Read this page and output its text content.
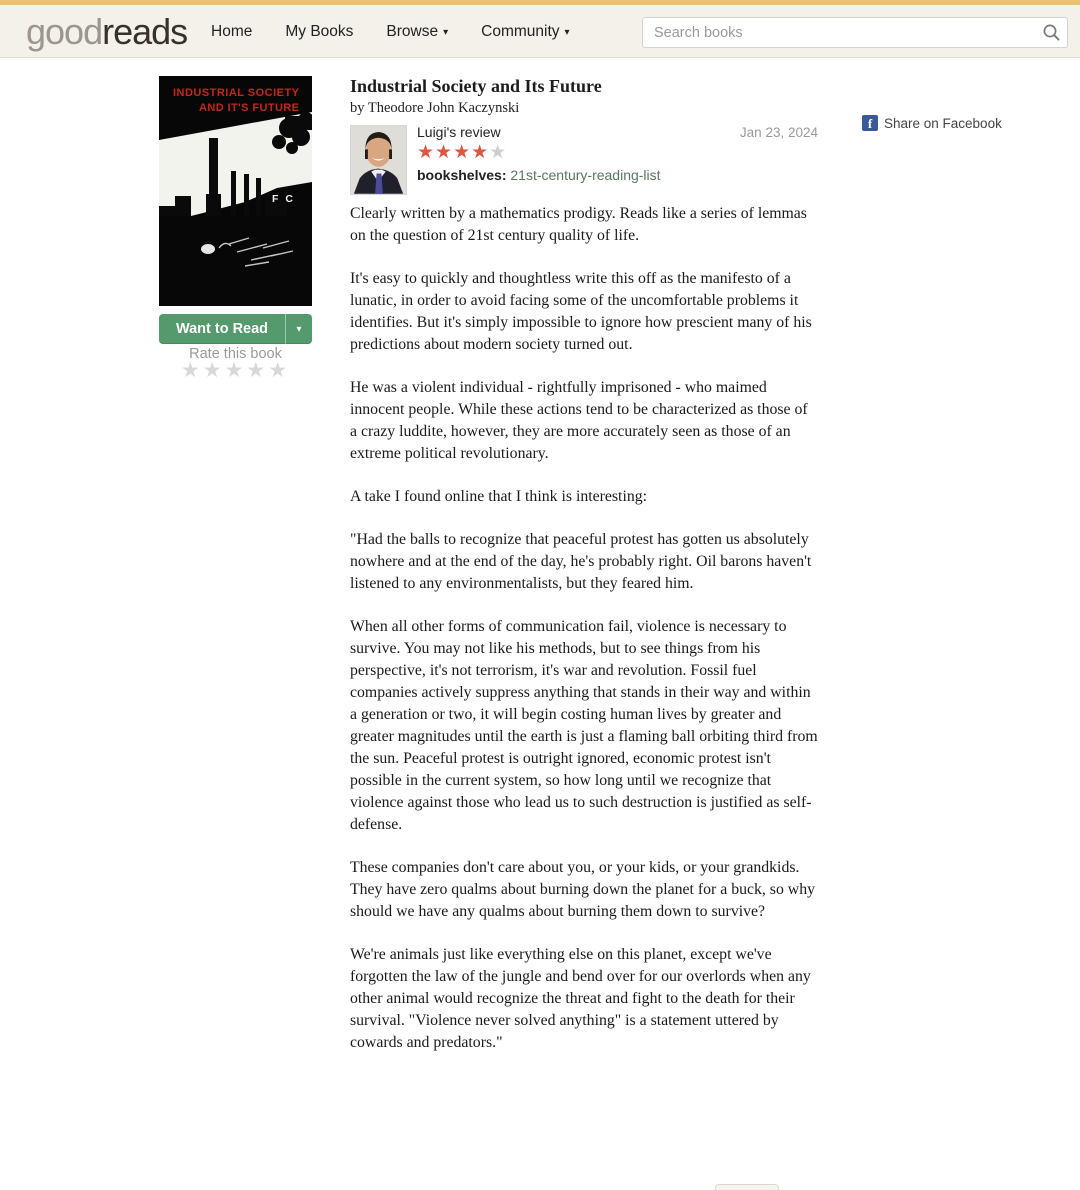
goodreads Home My Books Browse ▾ Community ▾
Search books
INDUSTRIAL SOCIETY
AND IT'S FUTURE
F C
Want to Read	▾
Rate this book
★★★★★
Industrial Society and Its Future
by Theodore John Kaczynski
Luigi's review
★★★★★
bookshelves: 21st-century-reading-list
Jan 23, 2024

Clearly written by a mathematics prodigy. Reads like a series of lemmas on the question of 21st century quality of life.

It's easy to quickly and thoughtless write this off as the manifesto of a lunatic, in order to avoid facing some of the uncomfortable problems it identifies. But it's simply impossible to ignore how prescient many of his predictions about modern society turned out.

He was a violent individual - rightfully imprisoned - who maimed innocent people. While these actions tend to be characterized as those of a crazy luddite, however, they are more accurately seen as those of an extreme political revolutionary.

A take I found online that I think is interesting:

"Had the balls to recognize that peaceful protest has gotten us absolutely nowhere and at the end of the day, he's probably right. Oil barons haven't listened to any environmentalists, but they feared him.

When all other forms of communication fail, violence is necessary to survive. You may not like his methods, but to see things from his perspective, it's not terrorism, it's war and revolution. Fossil fuel companies actively suppress anything that stands in their way and within a generation or two, it will begin costing human lives by greater and greater magnitudes until the earth is just a flaming ball orbiting third from the sun. Peaceful protest is outright ignored, economic protest isn't possible in the current system, so how long until we recognize that violence against those who lead us to such destruction is justified as self-defense.

These companies don't care about you, or your kids, or your grandkids. They have zero qualms about burning down the planet for a buck, so why should we have any qualms about burning them down to survive?

We're animals just like everything else on this planet, except we've forgotten the law of the jungle and bend over for our overlords when any other animal would recognize the threat and fight to the death for their survival. "Violence never solved anything" is a statement uttered by cowards and predators."

f Share on Facebook
